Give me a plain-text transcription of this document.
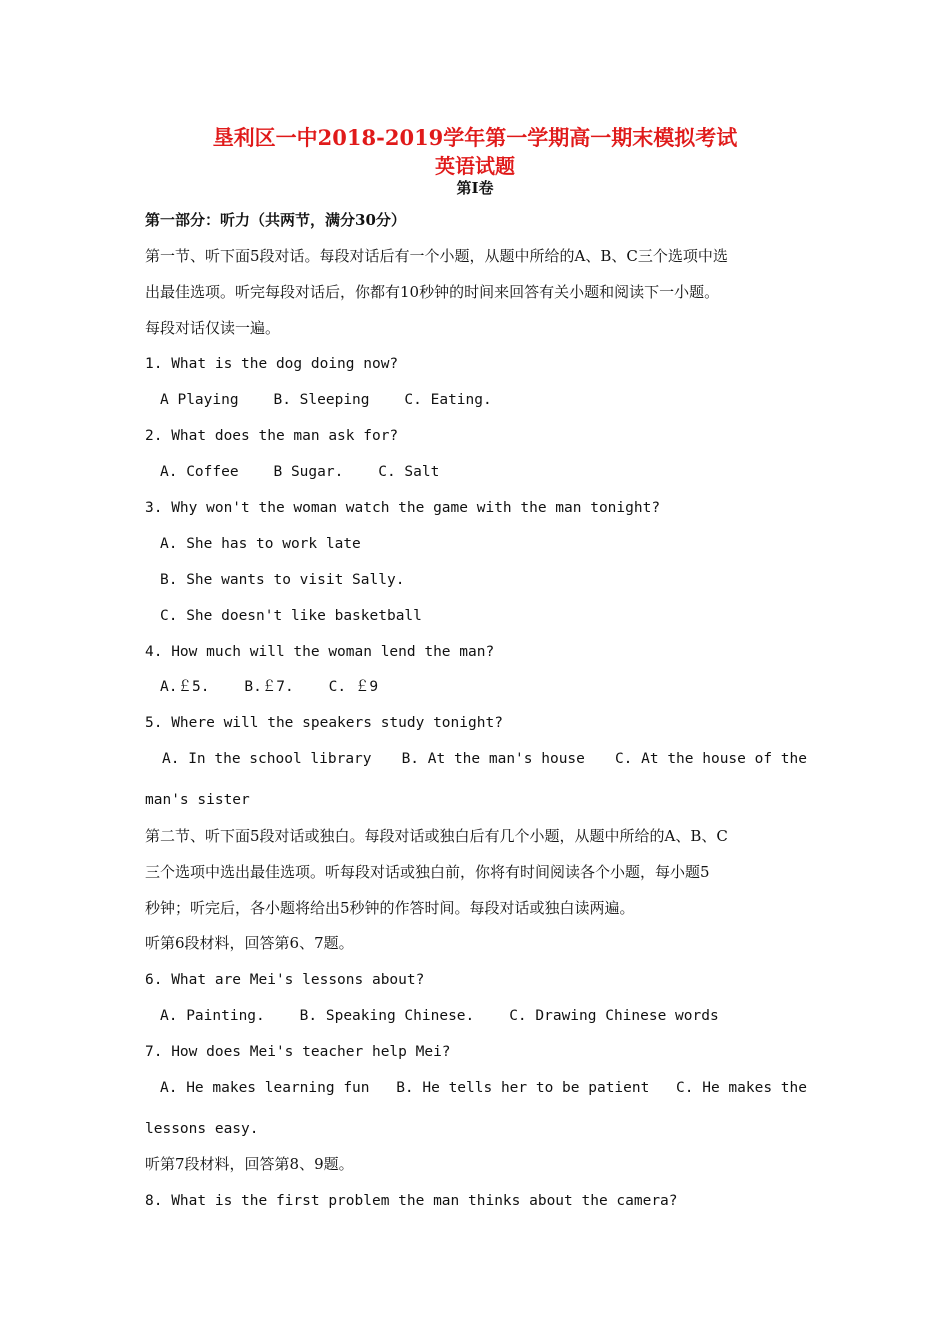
垦利区一中2018-2019学年第一学期高一期末模拟考试
英语试题
第Ⅰ卷
第一部分：听力（共两节，满分30分）
第一节、听下面5段对话。每段对话后有一个小题，从题中所给的A、B、C三个选项中选
出最佳选项。听完每段对话后，你都有10秒钟的时间来回答有关小题和阅读下一小题。
每段对话仅读一遍。
1. What is the dog doing now?
A Playing    B. Sleeping    C. Eating.
2. What does the man ask for?
A. Coffee    B Sugar.    C. Salt
3. Why won't the woman watch the game with the man tonight?
A. She has to work late
B. She wants to visit Sally.
C. She doesn't like basketball
4. How much will the woman lend the man?
A.￡5.    B.￡7.    C. ￡9
5. Where will the speakers study tonight?
A. In the school library B. At the man's house C. At the house of the
man's sister
第二节、听下面5段对话或独白。每段对话或独白后有几个小题，从题中所给的A、B、C
三个选项中选出最佳选项。听每段对话或独白前，你将有时间阅读各个小题，每小题5
秒钟；听完后，各小题将给出5秒钟的作答时间。每段对话或独白读两遍。
听第6段材料，回答第6、7题。
6. What are Mei's lessons about?
A. Painting.    B. Speaking Chinese.    C. Drawing Chinese words
7. How does Mei's teacher help Mei?
A. He makes learning fun B. He tells her to be patient C. He makes the
lessons easy.
听第7段材料，回答第8、9题。
8. What is the first problem the man thinks about the camera?
